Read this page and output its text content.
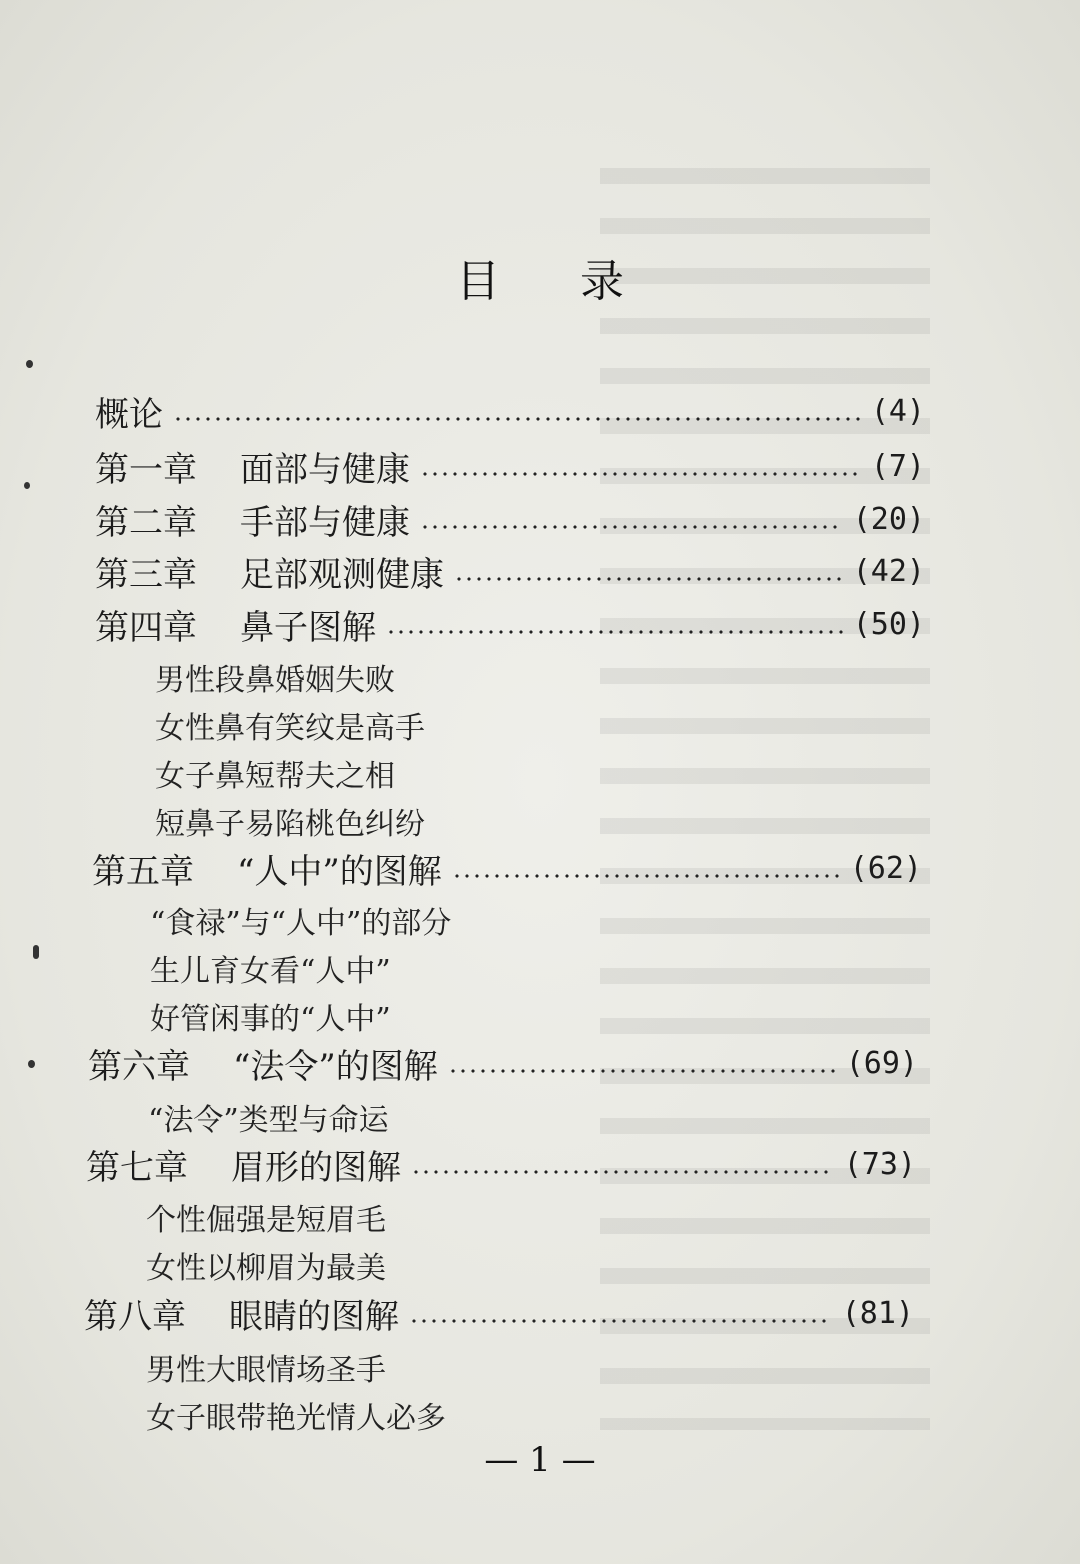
目录
概论	(4)
第一章	面部与健康	(7)
第二章	手部与健康	(20)
第三章	足部观测健康	(42)
第四章	鼻子图解	(50)
男性段鼻婚姻失败
女性鼻有笑纹是高手
女子鼻短帮夫之相
短鼻子易陷桃色纠纷
第五章	“人中”的图解	(62)
“食禄”与“人中”的部分
生儿育女看“人中”
好管闲事的“人中”
第六章	“法令”的图解	(69)
“法令”类型与命运
第七章	眉形的图解	(73)
个性倔强是短眉毛
女性以柳眉为最美
第八章	眼睛的图解	(81)
男性大眼情场圣手
女子眼带艳光情人必多
— 1 —
